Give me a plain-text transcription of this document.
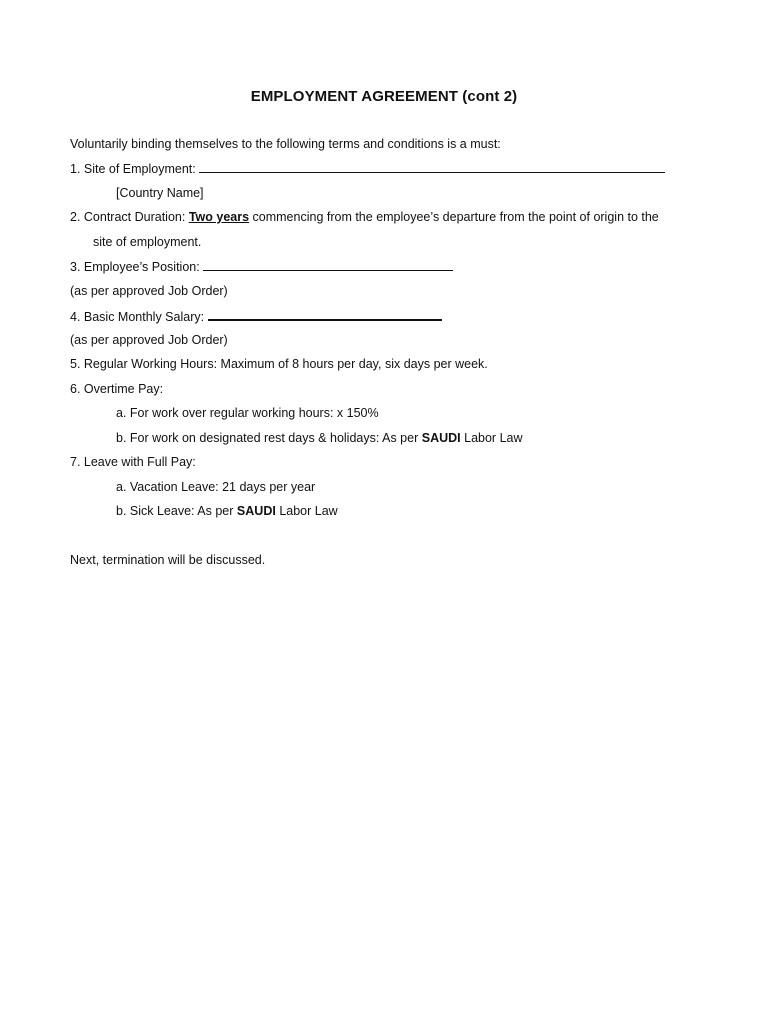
EMPLOYMENT AGREEMENT (cont 2)
Voluntarily binding themselves to the following terms and conditions is a must:
1. Site of Employment:
[Country Name]
2. Contract Duration: Two years commencing from the employee’s departure from the point of origin to the
site of employment.
3. Employee’s Position:
(as per approved Job Order)
4. Basic Monthly Salary:
(as per approved Job Order)
5. Regular Working Hours: Maximum of 8 hours per day, six days per week.
6. Overtime Pay:
a. For work over regular working hours: x 150%
b. For work on designated rest days & holidays: As per SAUDI Labor Law
7. Leave with Full Pay:
a. Vacation Leave: 21 days per year
b. Sick Leave: As per SAUDI Labor Law
Next, termination will be discussed.
